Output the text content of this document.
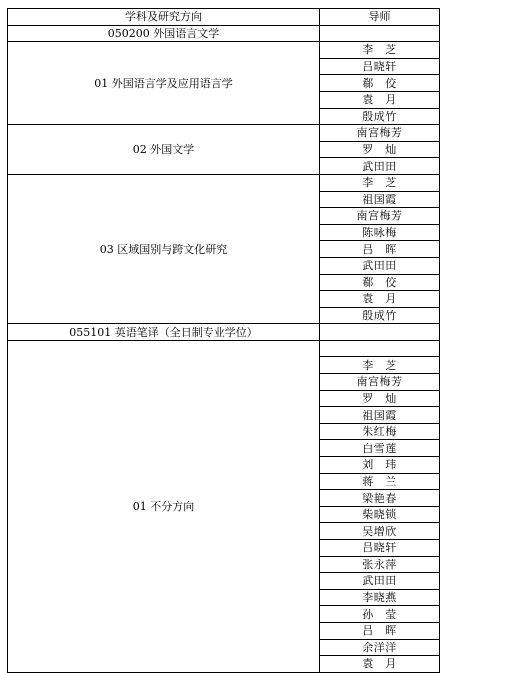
学科及研究方向	导师
050200 外国语言文学	
01 外国语言学及应用语言学	李　芝
	吕晓轩
	郗　佼
	袁　月
	殷成竹
02 外国文学	南宫梅芳
	罗　灿
	武田田
03 区域国别与跨文化研究	李　芝
	祖国霞
	南宫梅芳
	陈咏梅
	吕　晖
	武田田
	郗　佼
	袁　月
	殷成竹
055101 英语笔译（全日制专业学位）	
01 不分方向	
	李　芝
	南宫梅芳
	罗　灿
	祖国霞
	朱红梅
	白雪莲
	刘　玮
	蒋　兰
	梁艳春
	柴晓锁
	吴增欣
	吕晓轩
	张永萍
	武田田
	李晓燕
	孙　莹
	吕　晖
	余洋洋
	袁　月
